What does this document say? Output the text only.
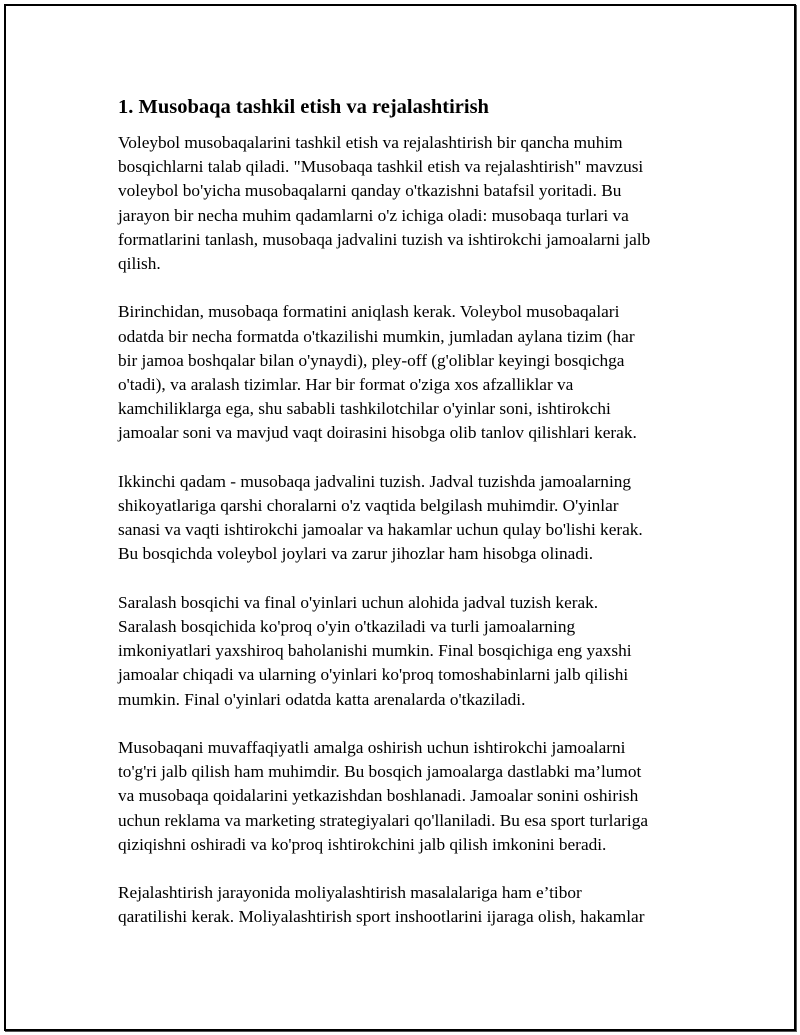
1. Musobaqa tashkil etish va rejalashtirish

Voleybol musobaqalarini tashkil etish va rejalashtirish bir qancha muhim
bosqichlarni talab qiladi. "Musobaqa tashkil etish va rejalashtirish" mavzusi
voleybol bo'yicha musobaqalarni qanday o'tkazishni batafsil yoritadi. Bu
jarayon bir necha muhim qadamlarni o'z ichiga oladi: musobaqa turlari va
formatlarini tanlash, musobaqa jadvalini tuzish va ishtirokchi jamoalarni jalb
qilish.

Birinchidan, musobaqa formatini aniqlash kerak. Voleybol musobaqalari
odatda bir necha formatda o'tkazilishi mumkin, jumladan aylana tizim (har
bir jamoa boshqalar bilan o'ynaydi), pley-off (g'oliblar keyingi bosqichga
o'tadi), va aralash tizimlar. Har bir format o'ziga xos afzalliklar va
kamchiliklarga ega, shu sababli tashkilotchilar o'yinlar soni, ishtirokchi
jamoalar soni va mavjud vaqt doirasini hisobga olib tanlov qilishlari kerak.

Ikkinchi qadam - musobaqa jadvalini tuzish. Jadval tuzishda jamoalarning
shikoyatlariga qarshi choralarni o'z vaqtida belgilash muhimdir. O'yinlar
sanasi va vaqti ishtirokchi jamoalar va hakamlar uchun qulay bo'lishi kerak.
Bu bosqichda voleybol joylari va zarur jihozlar ham hisobga olinadi.

Saralash bosqichi va final o'yinlari uchun alohida jadval tuzish kerak.
Saralash bosqichida ko'proq o'yin o'tkaziladi va turli jamoalarning
imkoniyatlari yaxshiroq baholanishi mumkin. Final bosqichiga eng yaxshi
jamoalar chiqadi va ularning o'yinlari ko'proq tomoshabinlarni jalb qilishi
mumkin. Final o'yinlari odatda katta arenalarda o'tkaziladi.

Musobaqani muvaffaqiyatli amalga oshirish uchun ishtirokchi jamoalarni
to'g'ri jalb qilish ham muhimdir. Bu bosqich jamoalarga dastlabki ma’lumot
va musobaqa qoidalarini yetkazishdan boshlanadi. Jamoalar sonini oshirish
uchun reklama va marketing strategiyalari qo'llaniladi. Bu esa sport turlariga
qiziqishni oshiradi va ko'proq ishtirokchini jalb qilish imkonini beradi.

Rejalashtirish jarayonida moliyalashtirish masalalariga ham e’tibor
qaratilishi kerak. Moliyalashtirish sport inshootlarini ijaraga olish, hakamlar
